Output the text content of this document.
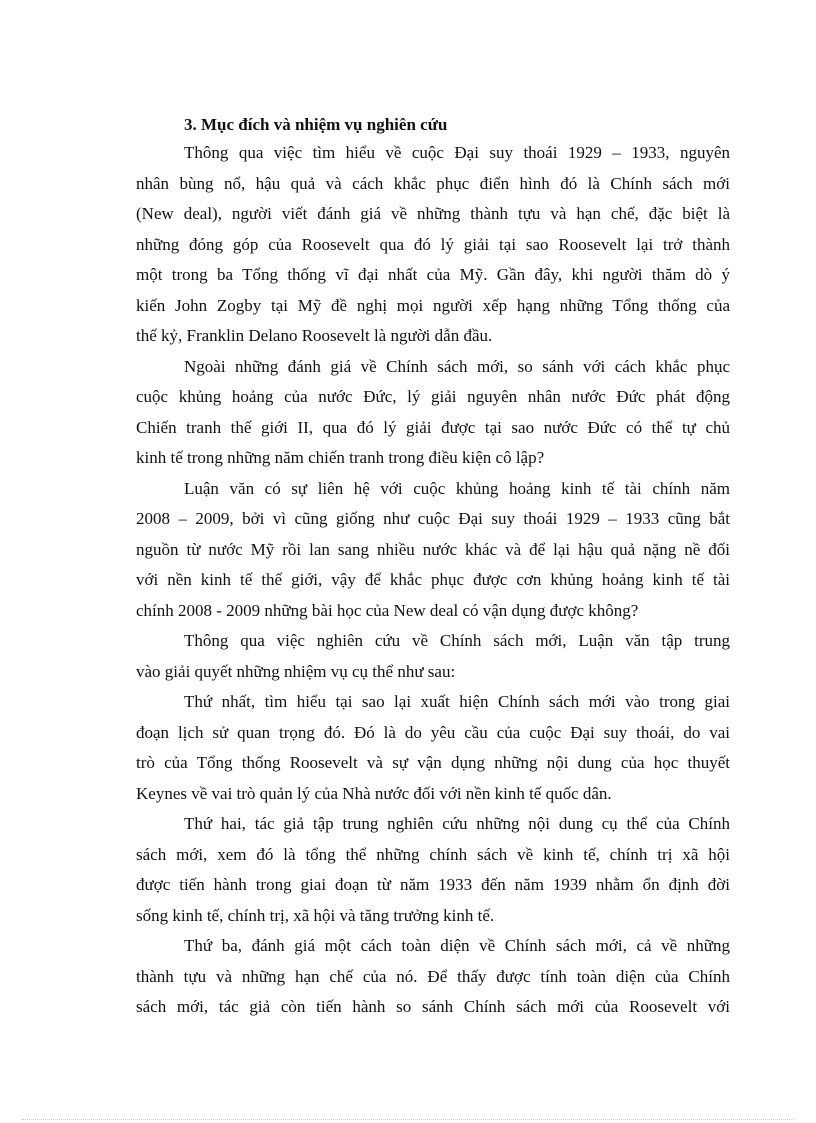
3. Mục đích và nhiệm vụ nghiên cứu

Thông qua việc tìm hiểu về cuộc Đại suy thoái 1929 – 1933, nguyên
nhân bùng nổ, hậu quả và cách khắc phục điển hình đó là Chính sách mới
(New deal), người viết đánh giá về những thành tựu và hạn chế, đặc biệt là
những đóng góp của Roosevelt qua đó lý giải tại sao Roosevelt lại trở thành
một trong ba Tổng thống vĩ đại nhất của Mỹ. Gần đây, khi người thăm dò ý
kiến John Zogby tại Mỹ đề nghị mọi người xếp hạng những Tổng thống của
thế kỷ, Franklin Delano Roosevelt là người dẫn đầu.

Ngoài những đánh giá về Chính sách mới, so sánh với cách khắc phục
cuộc khủng hoảng của nước Đức, lý giải nguyên nhân nước Đức phát động
Chiến tranh thế giới II, qua đó lý giải được tại sao nước Đức có thể tự chủ
kinh tế trong những năm chiến tranh trong điều kiện cô lập?

Luận văn có sự liên hệ với cuộc khủng hoảng kinh tế tài chính năm
2008 – 2009, bởi vì cũng giống như cuộc Đại suy thoái 1929 – 1933 cũng bắt
nguồn từ nước Mỹ rồi lan sang nhiều nước khác và để lại hậu quả nặng nề đối
với nền kinh tế thế giới, vậy để khắc phục được cơn khủng hoảng kinh tế tài
chính 2008 - 2009 những bài học của New deal có vận dụng được không?

Thông qua việc nghiên cứu về Chính sách mới, Luận văn tập trung
vào giải quyết những nhiệm vụ cụ thể như sau:

Thứ nhất, tìm hiểu tại sao lại xuất hiện Chính sách mới vào trong giai
đoạn lịch sử quan trọng đó. Đó là do yêu cầu của cuộc Đại suy thoái, do vai
trò của Tổng thống Roosevelt và sự vận dụng những nội dung của học thuyết
Keynes về vai trò quản lý của Nhà nước đối với nền kinh tế quốc dân.

Thứ hai, tác giả tập trung nghiên cứu những nội dung cụ thể của Chính
sách mới, xem đó là tổng thể những chính sách về kinh tế, chính trị xã hội
được tiến hành trong giai đoạn từ năm 1933 đến năm 1939 nhằm ổn định đời
sống kinh tế, chính trị, xã hội và tăng trưởng kinh tế.

Thứ ba, đánh giá một cách toàn diện về Chính sách mới, cả về những
thành tựu và những hạn chế của nó. Để thấy được tính toàn diện của Chính
sách mới, tác giả còn tiến hành so sánh Chính sách mới của Roosevelt với
